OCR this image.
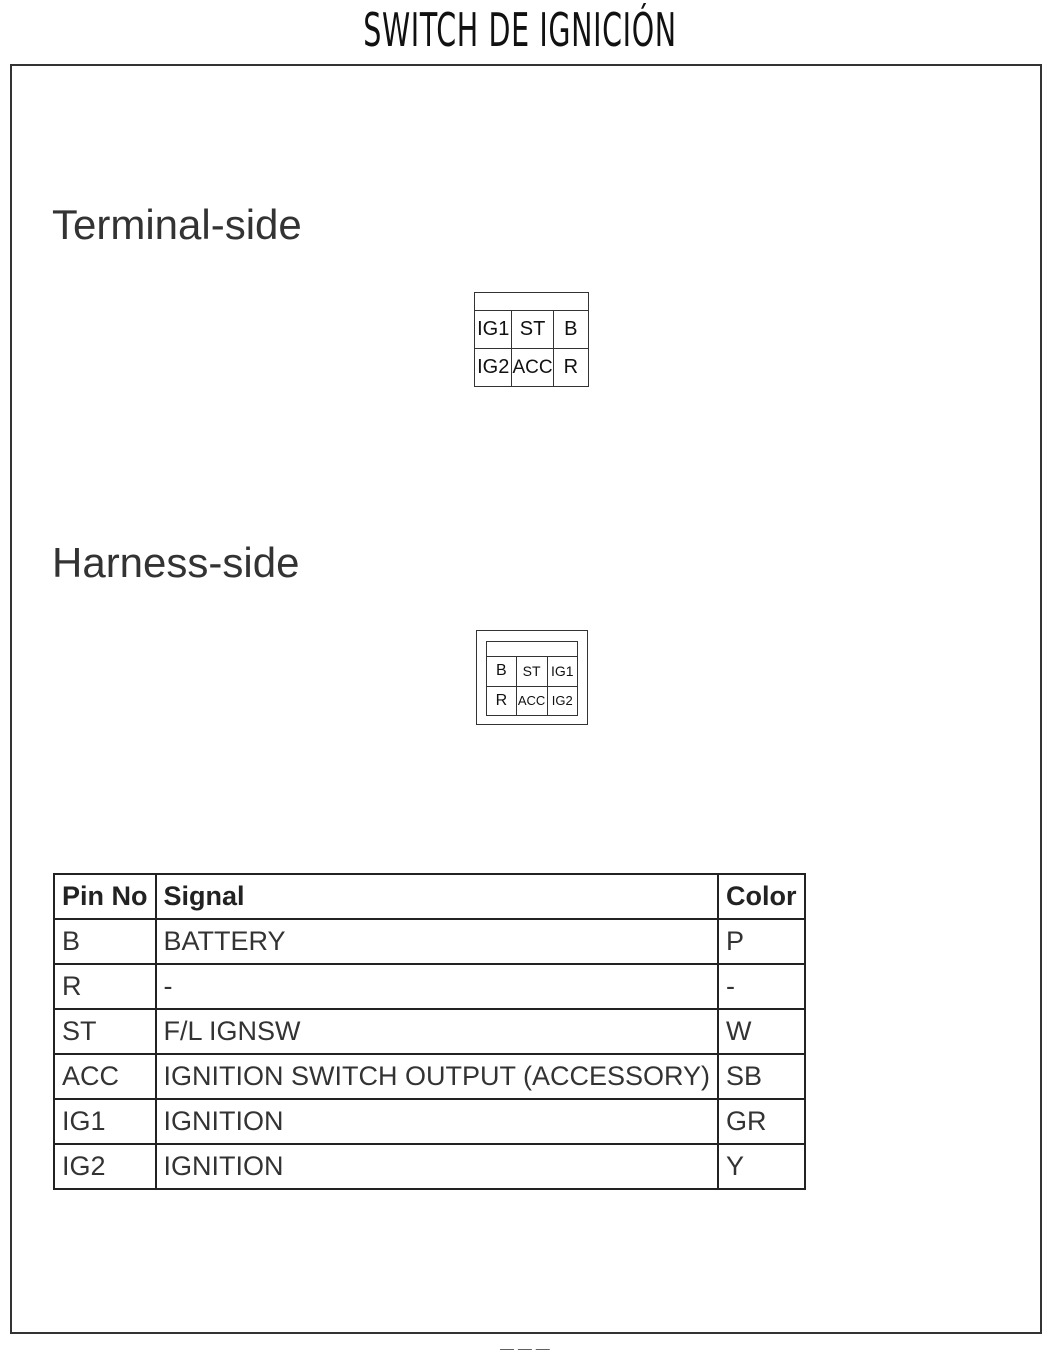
SWITCH DE IGNICIÓN
Terminal-side
IG1	ST	B
IG2	ACC	R
Harness-side
B	ST	IG1
R	ACC	IG2
Pin No	Signal	Color
B	BATTERY	P
R	-	-
ST	F/L IGNSW	W
ACC	IGNITION SWITCH OUTPUT (ACCESSORY)	SB
IG1	IGNITION	GR
IG2	IGNITION	Y
— — —
